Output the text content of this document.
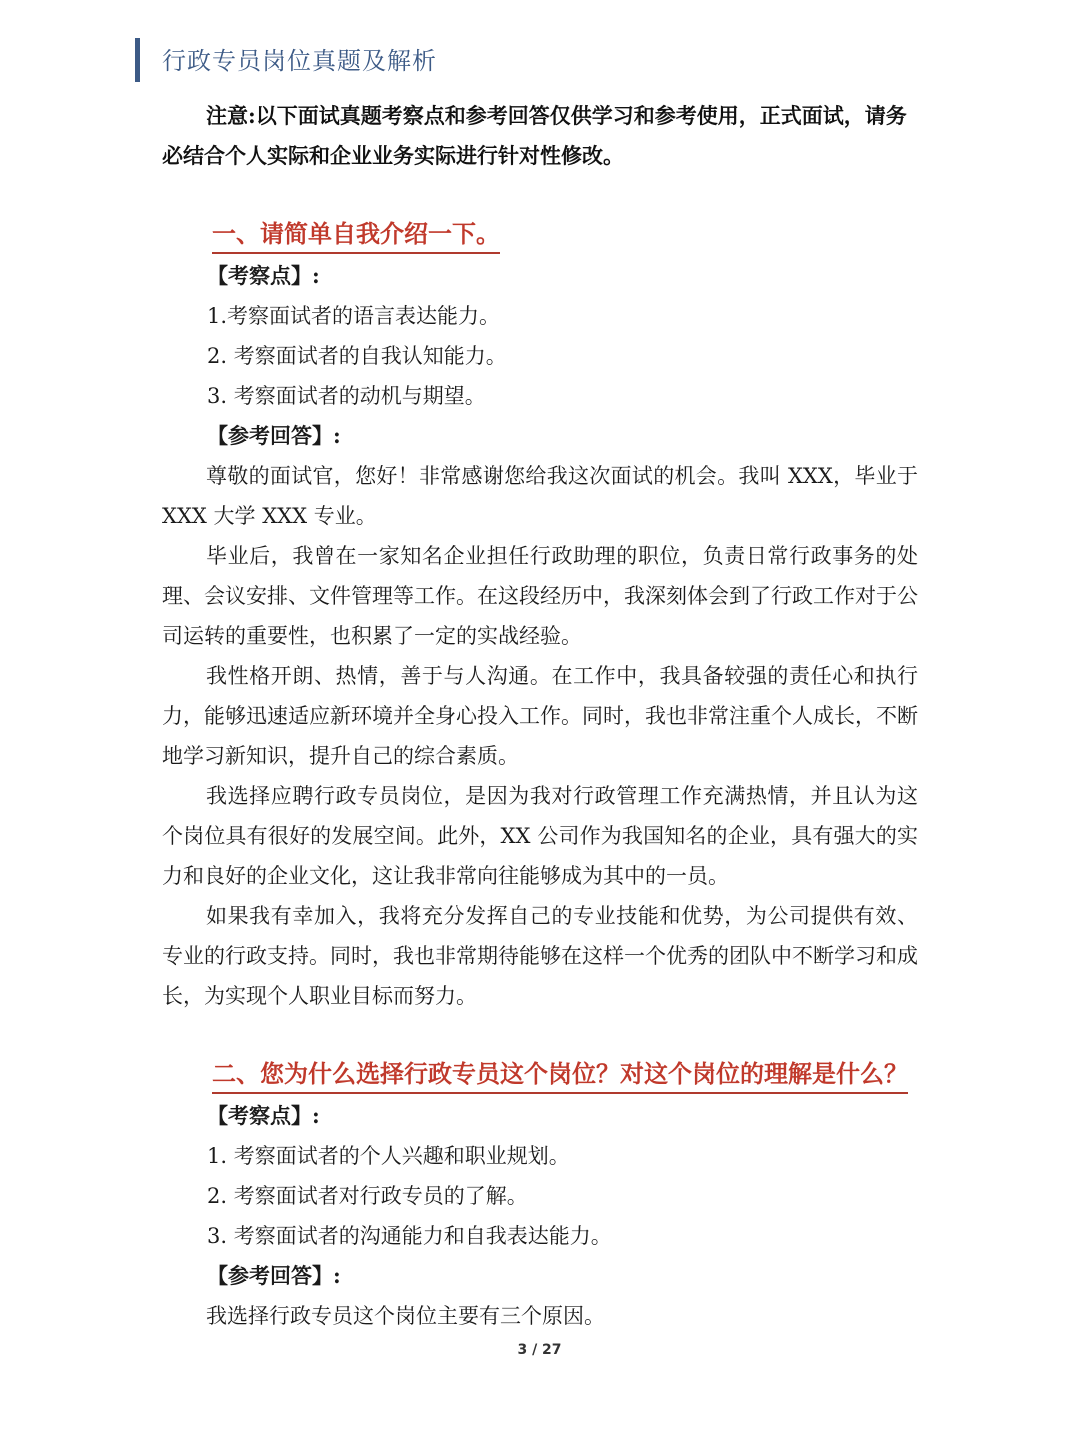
行政专员岗位真题及解析
注意:以下面试真题考察点和参考回答仅供学习和参考使用，正式面试，请务必结合个人实际和企业业务实际进行针对性修改。
一、请简单自我介绍一下。
【考察点】:
1.考察面试者的语言表达能力。
2. 考察面试者的自我认知能力。
3. 考察面试者的动机与期望。
【参考回答】:
尊敬的面试官，您好！非常感谢您给我这次面试的机会。我叫 XXX，毕业于 XXX 大学 XXX 专业。
毕业后，我曾在一家知名企业担任行政助理的职位，负责日常行政事务的处理、会议安排、文件管理等工作。在这段经历中，我深刻体会到了行政工作对于公司运转的重要性，也积累了一定的实战经验。
我性格开朗、热情，善于与人沟通。在工作中，我具备较强的责任心和执行力，能够迅速适应新环境并全身心投入工作。同时，我也非常注重个人成长，不断地学习新知识，提升自己的综合素质。
我选择应聘行政专员岗位，是因为我对行政管理工作充满热情，并且认为这个岗位具有很好的发展空间。此外，XX 公司作为我国知名的企业，具有强大的实力和良好的企业文化，这让我非常向往能够成为其中的一员。
如果我有幸加入，我将充分发挥自己的专业技能和优势，为公司提供有效、专业的行政支持。同时，我也非常期待能够在这样一个优秀的团队中不断学习和成长，为实现个人职业目标而努力。
二、您为什么选择行政专员这个岗位？对这个岗位的理解是什么？
【考察点】:
1. 考察面试者的个人兴趣和职业规划。
2. 考察面试者对行政专员的了解。
3. 考察面试者的沟通能力和自我表达能力。
【参考回答】:
我选择行政专员这个岗位主要有三个原因。
3 / 27
